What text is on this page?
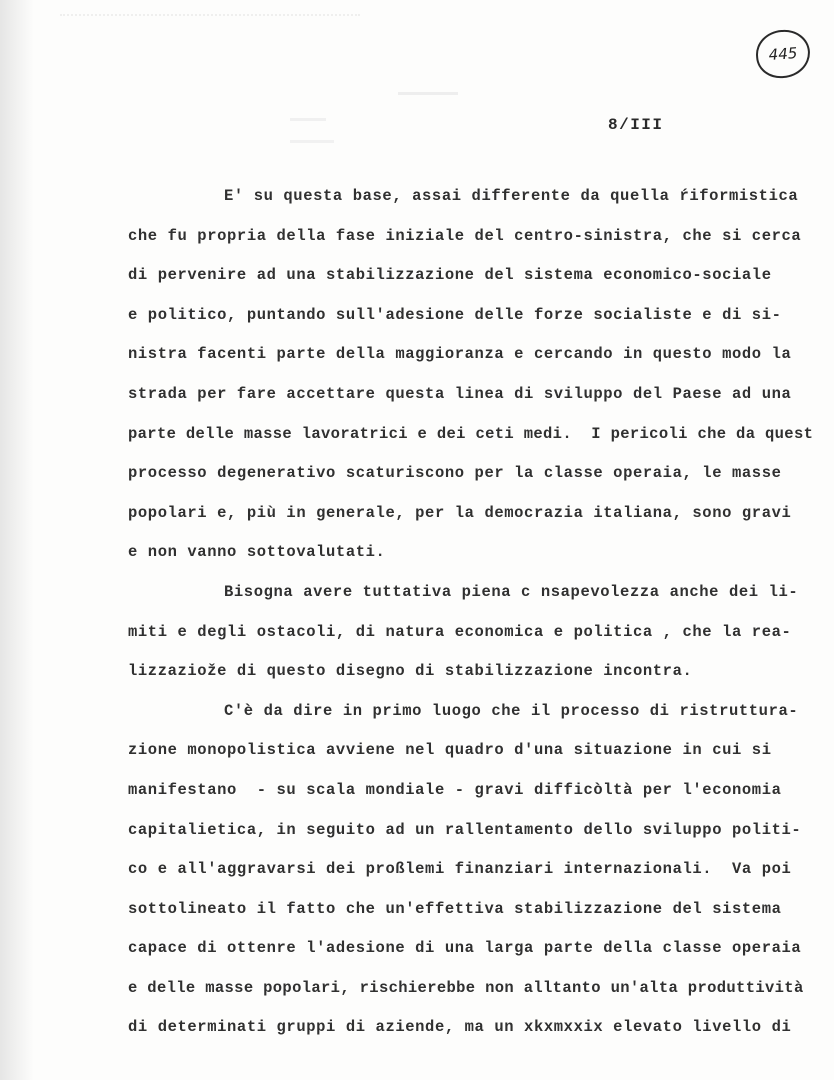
445
8/III
E' su questa base, assai differente da quella ŕiformistica
che fu propria della fase iniziale del centro-sinistra, che si cerca
di pervenire ad una stabilizzazione del sistema economico-sociale
e politico, puntando sull'adesione delle forze socialiste e di si-
nistra facenti parte della maggioranza e cercando in questo modo la
strada per fare accettare questa linea di sviluppo del Paese ad una
parte delle masse lavoratrici e dei ceti medi.  I pericoli che da quest
processo degenerativo scaturiscono per la classe operaia, le masse
popolari e, più in generale, per la democrazia italiana, sono gravi
e non vanno sottovalutati.
Bisogna avere tuttativa piena c nsapevolezza anche dei li-
miti e degli ostacoli, di natura economica e politica , che la rea-
lizzaziože di questo disegno di stabilizzazione incontra.
C'è da dire in primo luogo che il processo di ristruttura-
zione monopolistica avviene nel quadro d'una situazione in cui si
manifestano  - su scala mondiale - gravi difficòltà per l'economia
capitalietica, in seguito ad un rallentamento dello sviluppo politi-
co e all'aggravarsi dei proßlemi finanziari internazionali.  Va poi
sottolineato il fatto che un'effettiva stabilizzazione del sistema
capace di ottenre l'adesione di una larga parte della classe operaia
e delle masse popolari, rischierebbe non alltanto un'alta produttività
di determinati gruppi di aziende, ma un xkxmxxix elevato livello di
